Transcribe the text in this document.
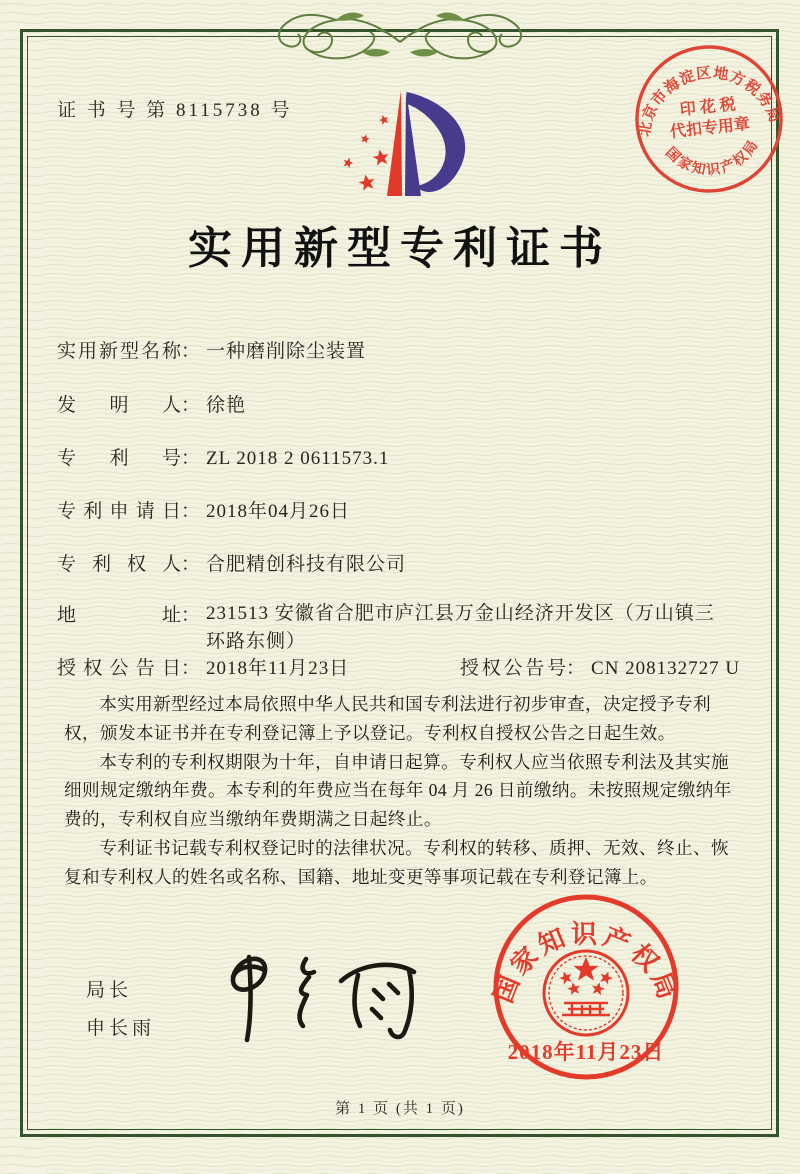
证 书 号 第 8115738 号
北京市海淀区地方税务局
国家知识产权局
印 花 税
代扣专用章
实用新型专利证书
实用新型名称： 一种磨削除尘装置
发明人： 徐艳
专利号： ZL 2018 2 0611573.1
专利申请日： 2018年04月26日
专利权人： 合肥精创科技有限公司
地址： 231513 安徽省合肥市庐江县万金山经济开发区（万山镇三环路东侧）
授权公告日： 2018年11月23日	授权公告号： CN 208132727 U

本实用新型经过本局依照中华人民共和国专利法进行初步审查，决定授予专利权，颁发本证书并在专利登记簿上予以登记。专利权自授权公告之日起生效。

本专利的专利权期限为十年，自申请日起算。专利权人应当依照专利法及其实施细则规定缴纳年费。本专利的年费应当在每年 04 月 26 日前缴纳。未按照规定缴纳年费的，专利权自应当缴纳年费期满之日起终止。

专利证书记载专利权登记时的法律状况。专利权的转移、质押、无效、终止、恢复和专利权人的姓名或名称、国籍、地址变更等事项记载在专利登记簿上。

局长
申长雨
国家知识产权局
2018年11月23日
第 1 页 (共 1 页)
